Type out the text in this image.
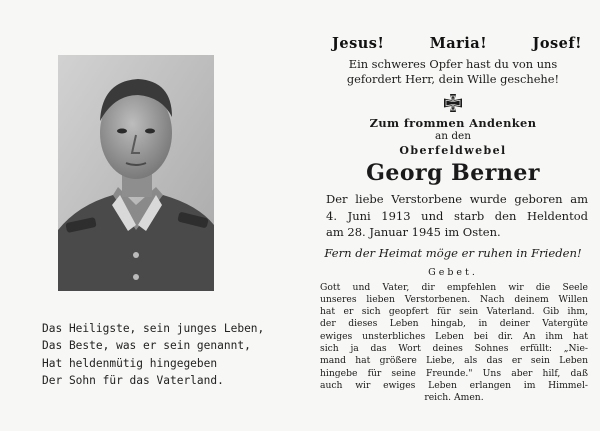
Das Heiligste, sein junges Leben,
Das Beste, was er sein genannt,
Hat heldenmütig hingegeben
Der Sohn für das Vaterland.
Jesus!	Maria!	Josef!
Ein schweres Opfer hast du von uns
gefordert Herr, dein Wille geschehe!
Zum frommen Andenken
an den
Oberfeldwebel
Georg Berner
Der liebe Verstorbene wurde geboren am
4. Juni 1913 und starb den Heldentod
am 28. Januar 1945 im Osten.
Fern der Heimat möge er ruhen in Frieden!
Gebet.
Gott und Vater, dir empfehlen wir die Seele
unseres lieben Verstorbenen. Nach deinem Willen
hat er sich geopfert für sein Vaterland. Gib ihm,
der dieses Leben hingab, in deiner Vatergüte
ewiges unsterbliches Leben bei dir. An ihm hat
sich ja das Wort deines Sohnes erfüllt: „Nie-
mand hat größere Liebe, als das er sein Leben
hingebe für seine Freunde." Uns aber hilf, daß
auch wir ewiges Leben erlangen im Himmel-
reich. Amen.
